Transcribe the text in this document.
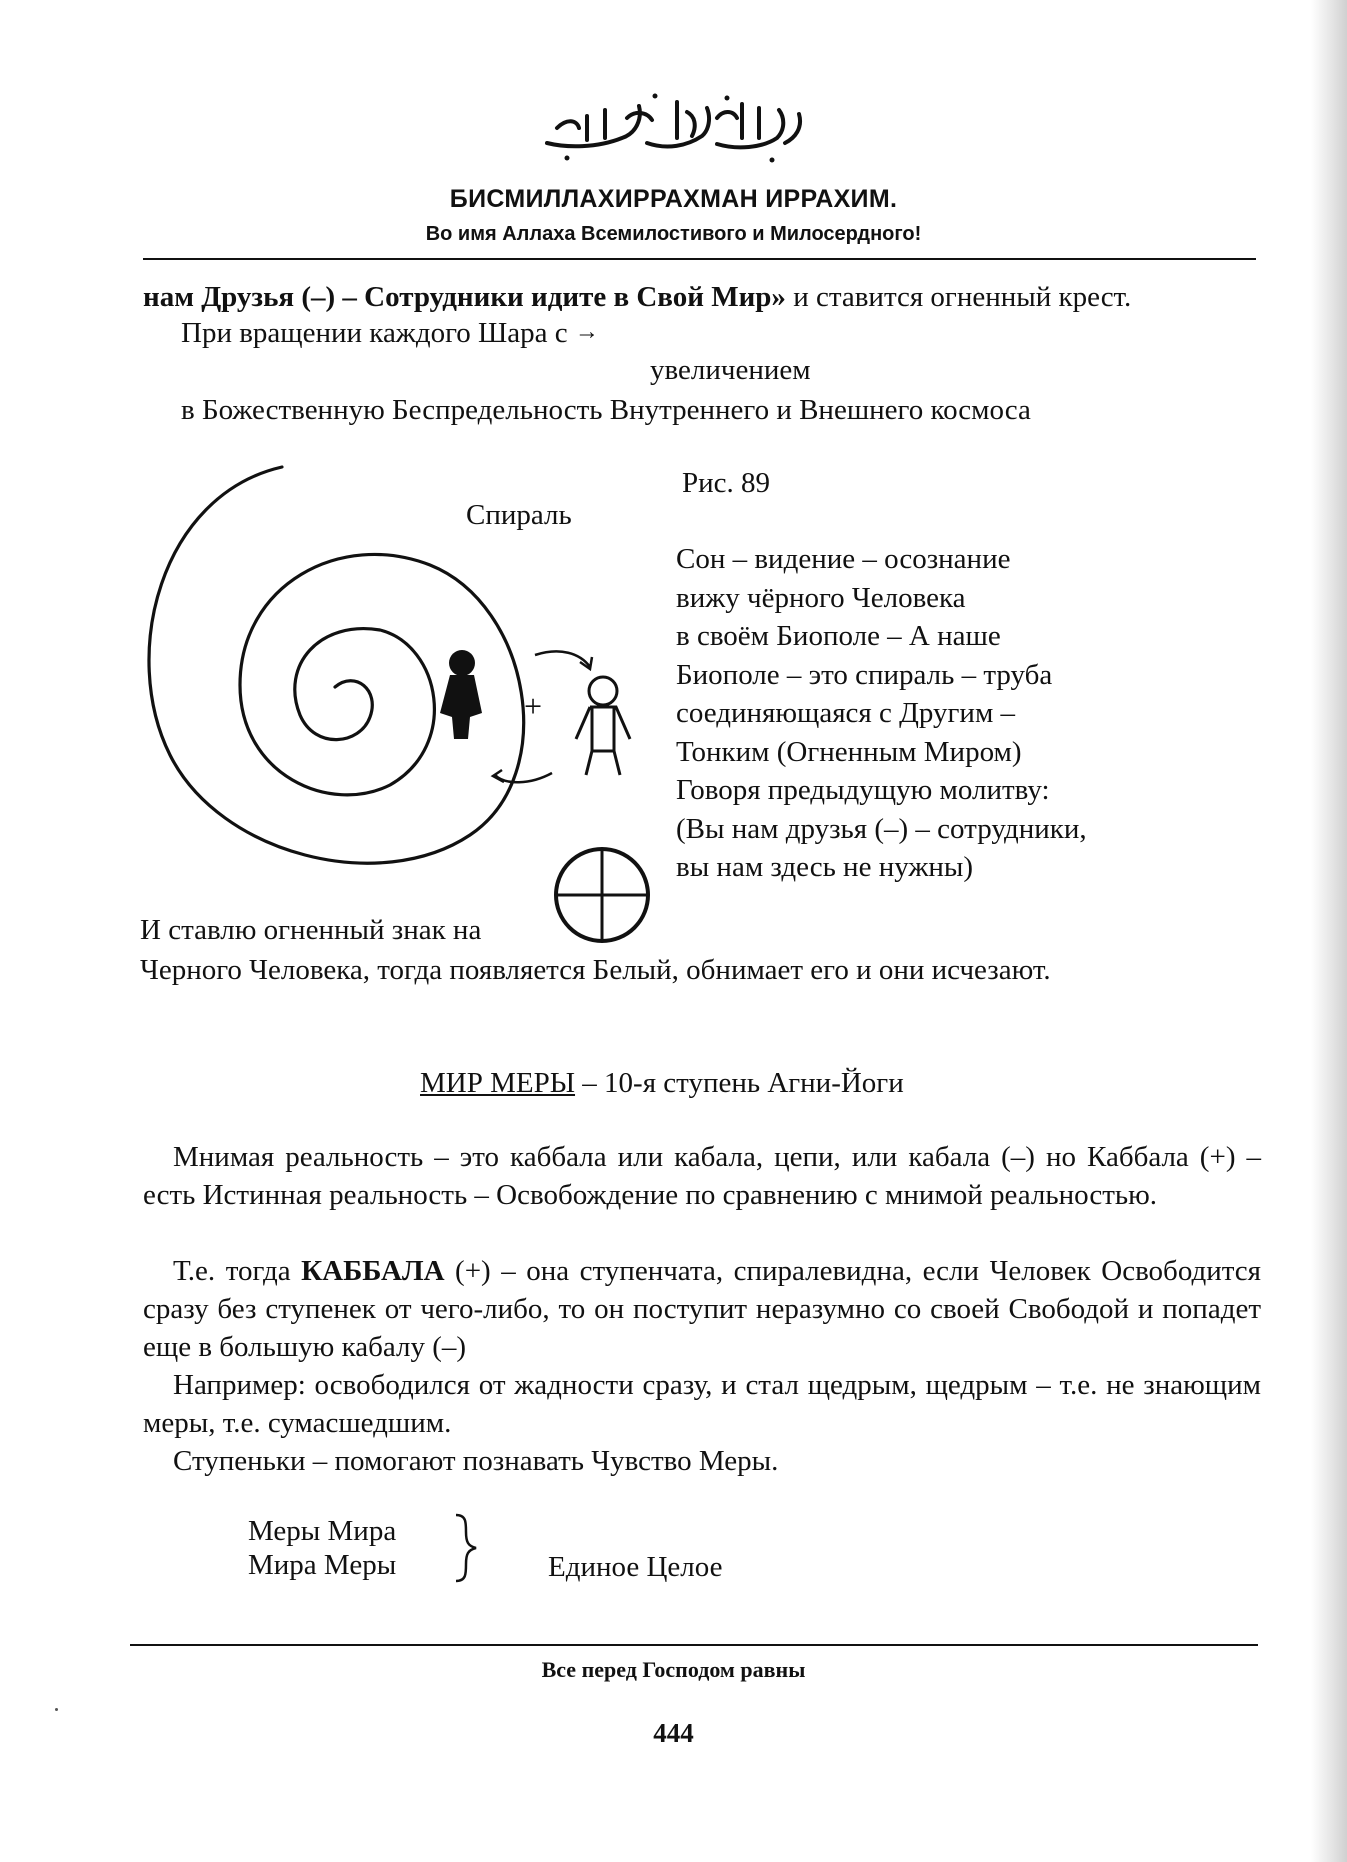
БИСМИЛЛАХИРРАХМАН ИРРАХИМ.
Во имя Аллаха Всемилостивого и Милосердного!
нам Друзья (–) – Сотрудники идите в Свой Мир» и ставится огненный крест.
При вращении каждого Шара с →
увеличением
в Божественную Беспредельность Внутреннего и Внешнего космоса
+
Спираль
Рис. 89
Сон – видение – осознание
вижу чёрного Человека
в своём Биополе – А наше
Биополе – это спираль – труба
соединяющаяся с Другим –
Тонким (Огненным Миром)
Говоря предыдущую молитву:
(Вы нам друзья (–) – сотрудники,
вы нам здесь не нужны)
И ставлю огненный знак на
Черного Человека, тогда появляется Белый, обнимает его и они исчезают.
МИР МЕРЫ – 10-я ступень Агни-Йоги
Мнимая реальность – это каббала или кабала, цепи, или кабала (–) но Каббала (+) – есть Истинная реальность – Освобождение по сравнению с мнимой реальностью.
Т.е. тогда КАББАЛА (+) – она ступенчата, спиралевидна, если Человек Освободится сразу без ступенек от чего-либо, то он поступит неразумно со своей Свободой и попадет еще в большую кабалу (–)
Например: освободился от жадности сразу, и стал щедрым, щедрым – т.е. не знающим меры, т.е. сумасшедшим.
Ступеньки – помогают познавать Чувство Меры.
Меры Мира
Мира Меры	Единое Целое
Все перед Господом равны
444
